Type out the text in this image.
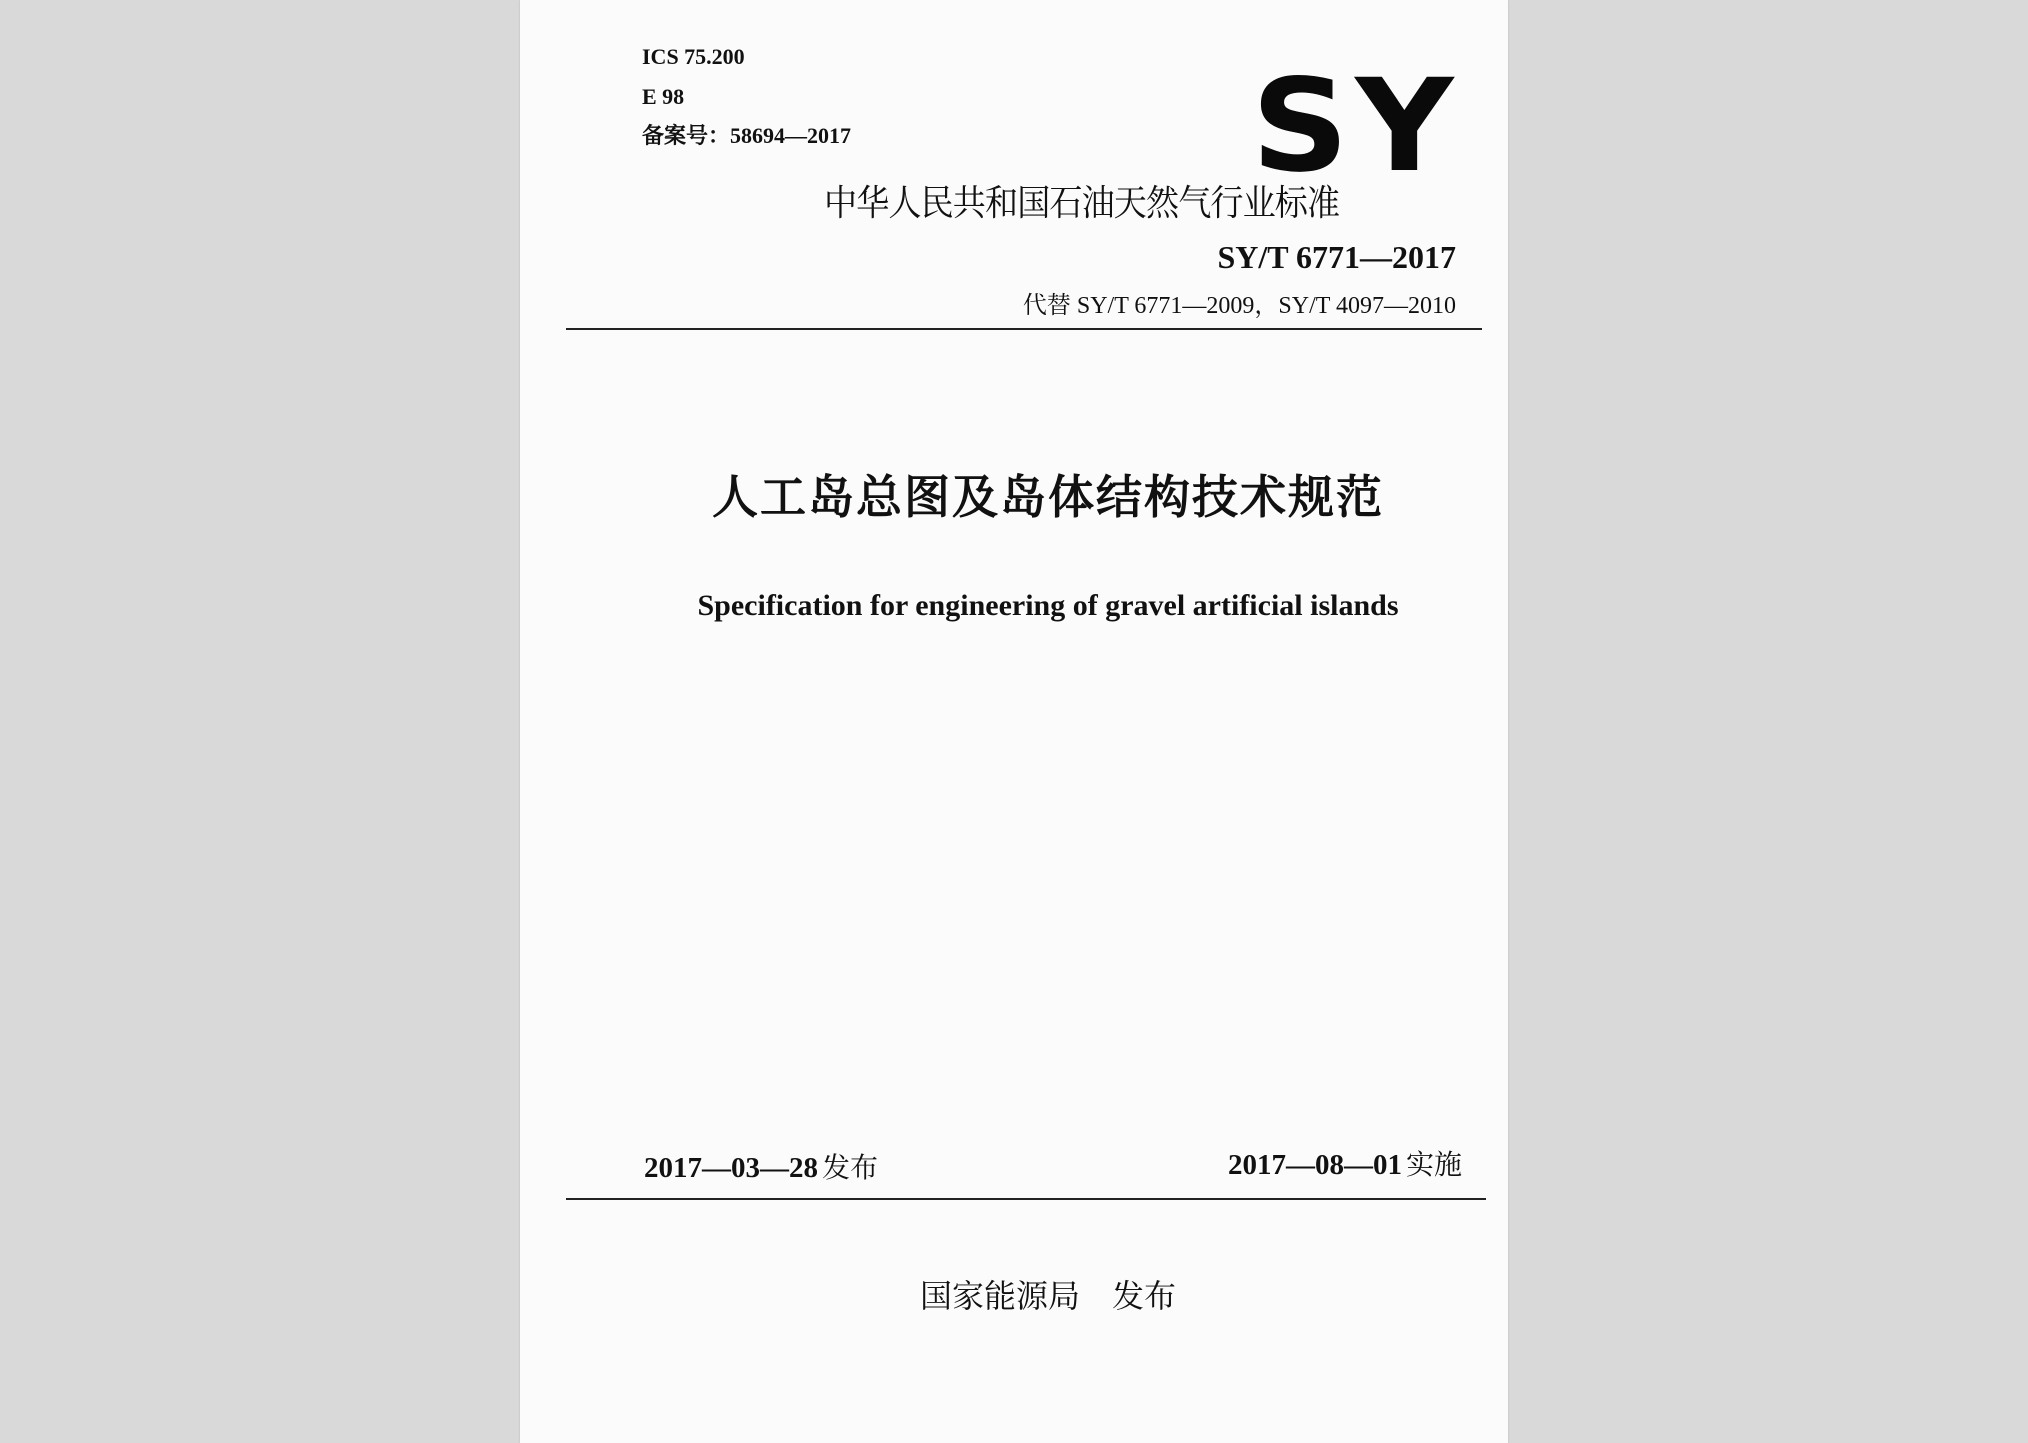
ICS 75.200
E 98
备案号：58694—2017	SY
中华人民共和国石油天然气行业标准
SY/T 6771—2017
代替 SY/T 6771—2009，SY/T 4097—2010
人工岛总图及岛体结构技术规范
Specification for engineering of gravel artificial islands
2017—03—28 发布	2017—08—01 实施
国家能源局 发布
